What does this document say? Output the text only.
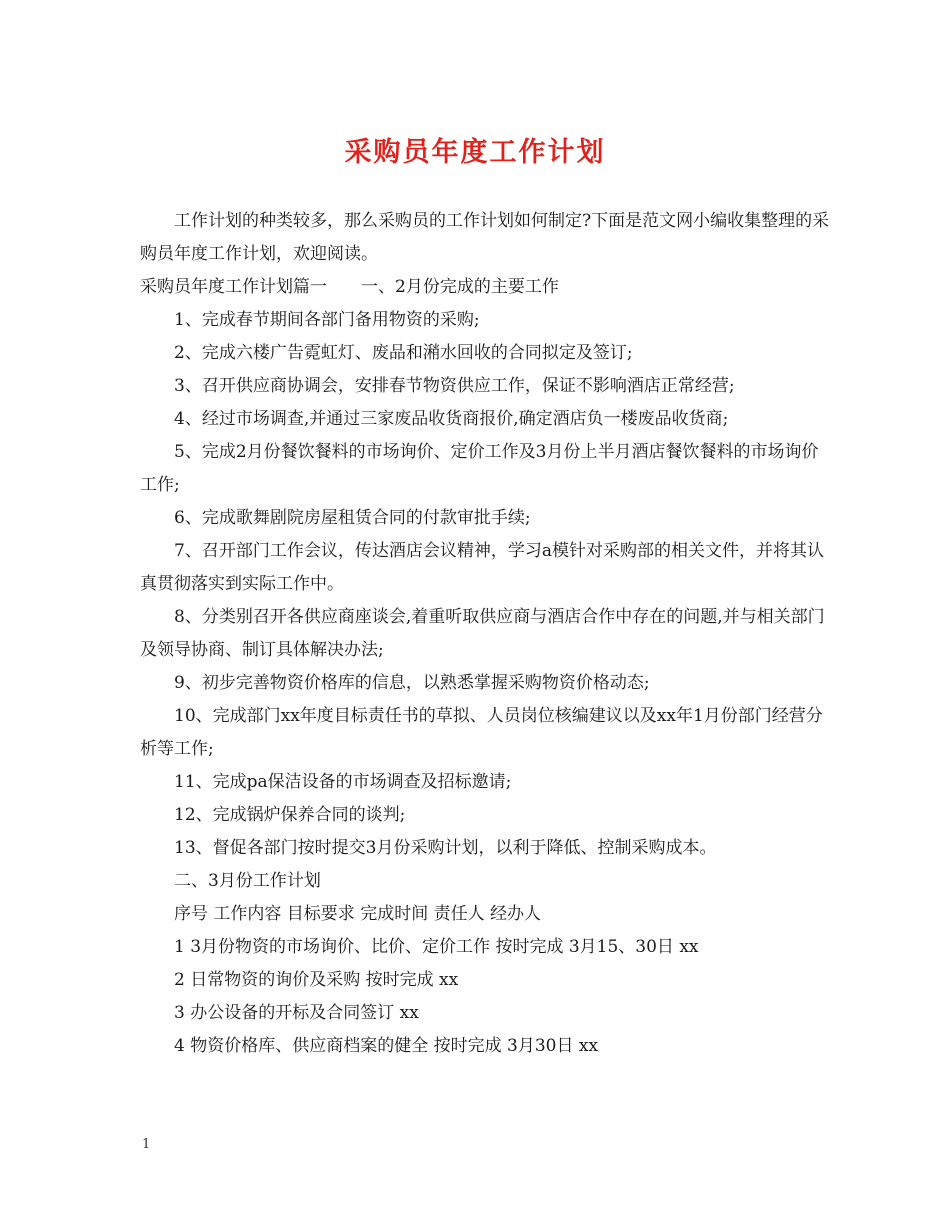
采购员年度工作计划

工作计划的种类较多，那么采购员的工作计划如何制定?下面是范文网小编收集整理的采购员年度工作计划，欢迎阅读。

采购员年度工作计划篇一　　一、2月份完成的主要工作

1、完成春节期间各部门备用物资的采购;

2、完成六楼广告霓虹灯、废品和潲水回收的合同拟定及签订;

3、召开供应商协调会，安排春节物资供应工作，保证不影响酒店正常经营;

4、经过市场调查,并通过三家废品收货商报价,确定酒店负一楼废品收货商;

5、完成2月份餐饮餐料的市场询价、定价工作及3月份上半月酒店餐饮餐料的市场询价工作;

6、完成歌舞剧院房屋租赁合同的付款审批手续;

7、召开部门工作会议，传达酒店会议精神，学习a模针对采购部的相关文件，并将其认真贯彻落实到实际工作中。

8、分类别召开各供应商座谈会,着重听取供应商与酒店合作中存在的问题,并与相关部门及领导协商、制订具体解决办法;

9、初步完善物资价格库的信息，以熟悉掌握采购物资价格动态;

10、完成部门xx年度目标责任书的草拟、人员岗位核编建议以及xx年1月份部门经营分析等工作;

11、完成pa保洁设备的市场调查及招标邀请;

12、完成锅炉保养合同的谈判;

13、督促各部门按时提交3月份采购计划，以利于降低、控制采购成本。

二、3月份工作计划

序号 工作内容 目标要求 完成时间 责任人 经办人

1 3月份物资的市场询价、比价、定价工作 按时完成 3月15、30日 xx

2 日常物资的询价及采购 按时完成 xx

3 办公设备的开标及合同签订 xx

4 物资价格库、供应商档案的健全 按时完成 3月30日 xx

1
